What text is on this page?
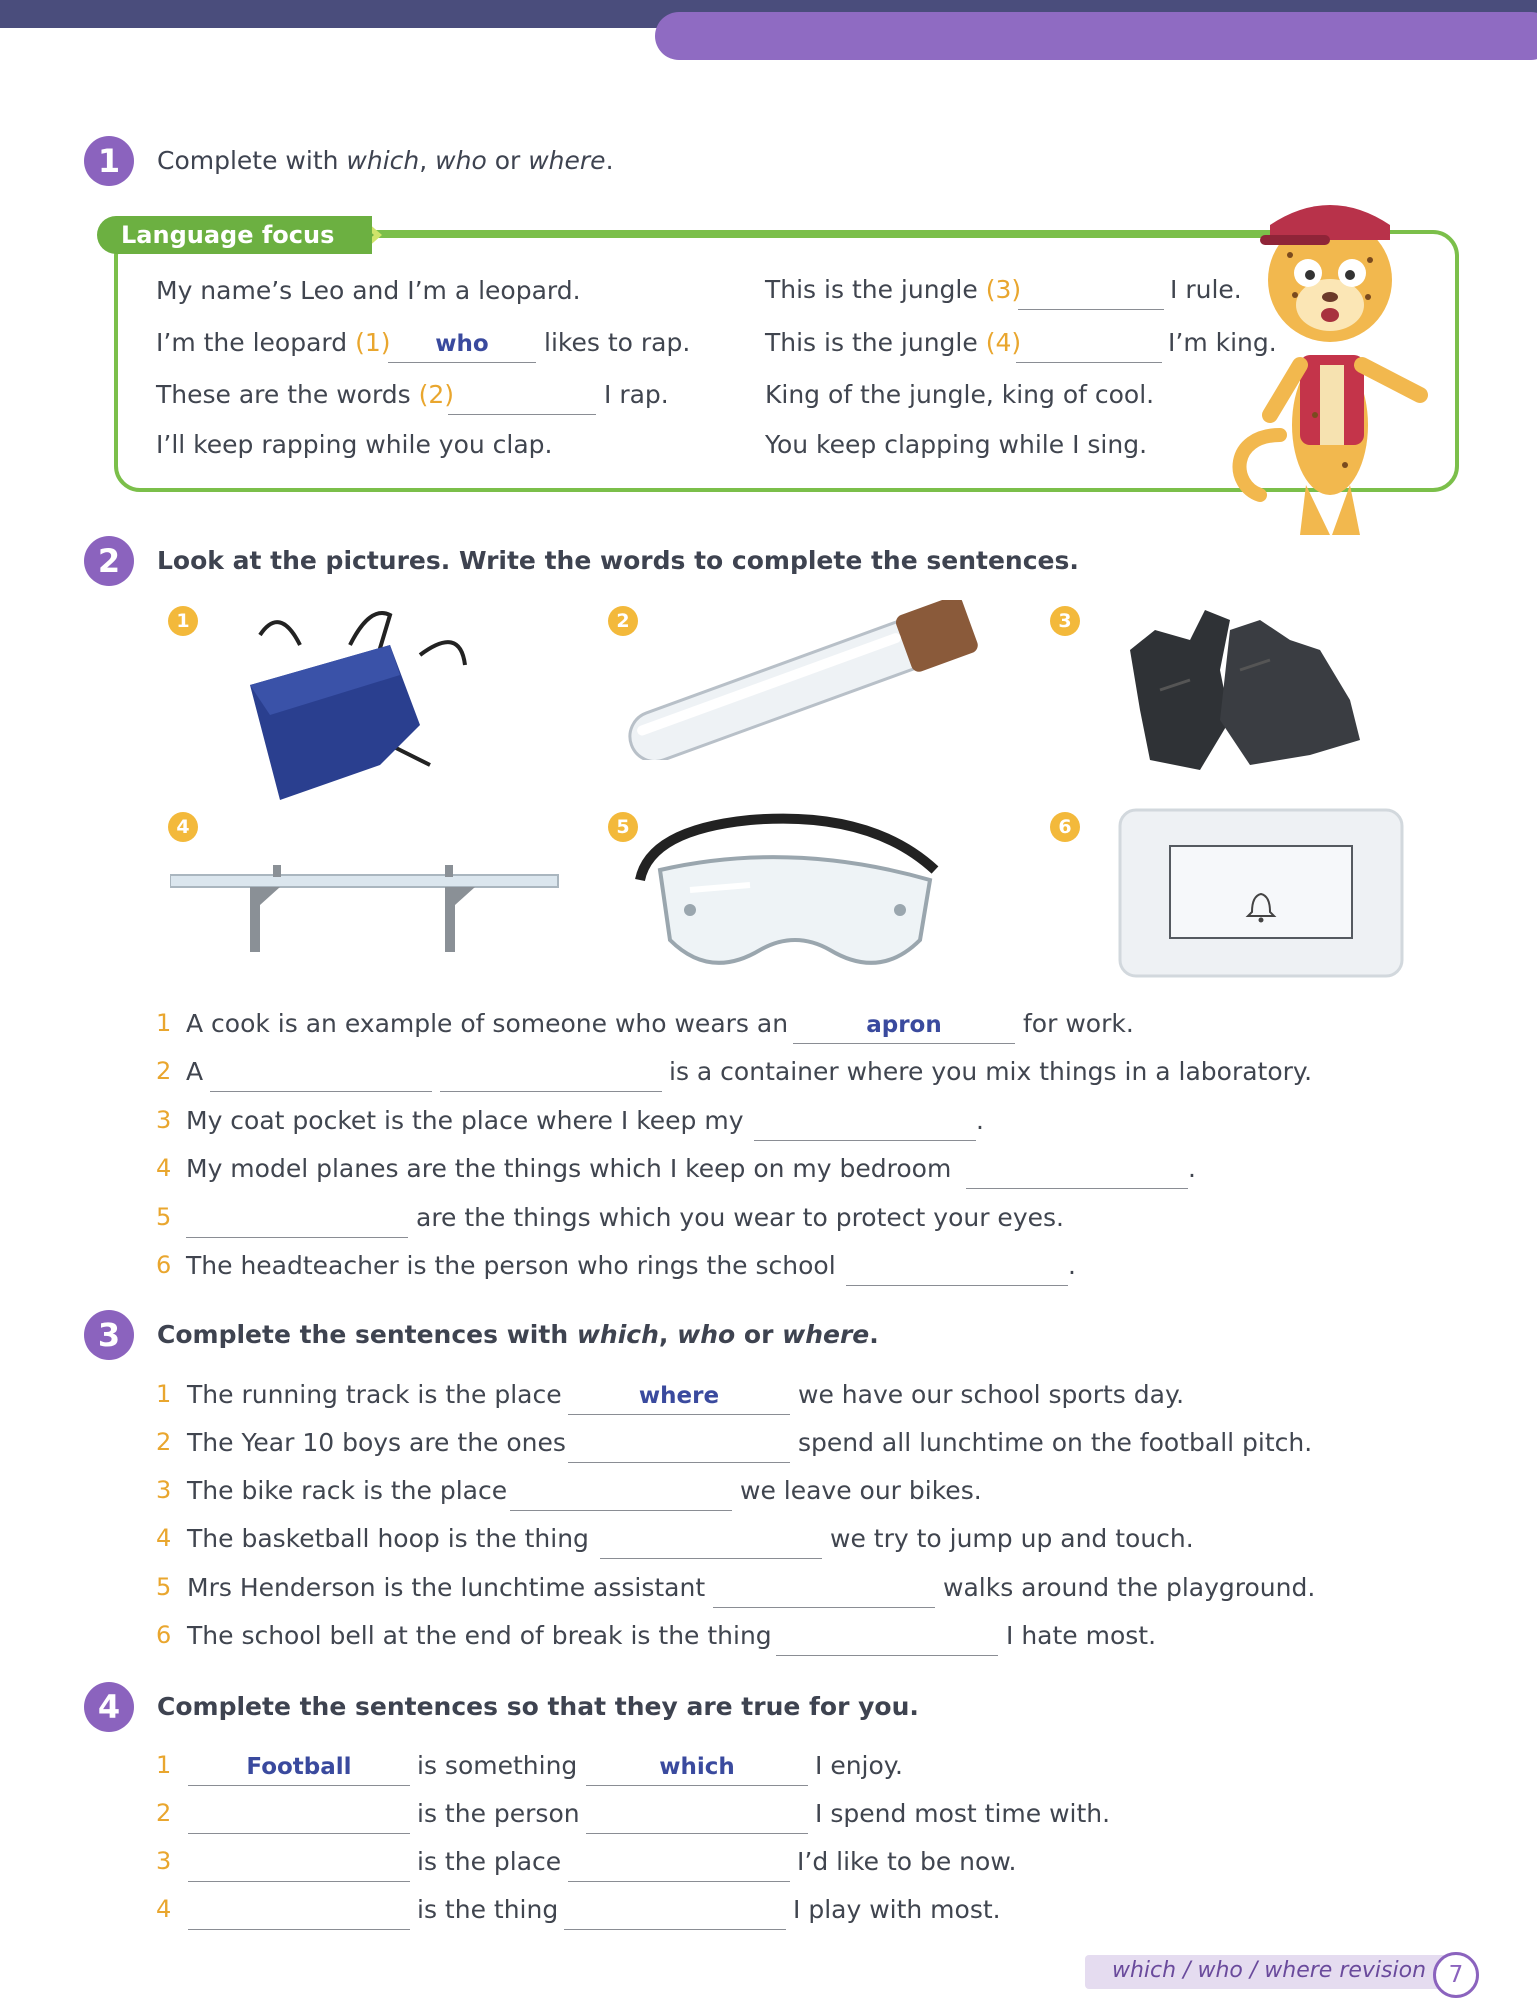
1	Complete with which, who or where.
Language focus
My name’s Leo and I’m a leopard.
I’m the leopard (1)	who	likes to rap.
These are the words (2)	I rap.
I’ll keep rapping while you clap.
This is the jungle (3)	I rule.
This is the jungle (4)	I’m king.
King of the jungle, king of cool.
You keep clapping while I sing.
2	Look at the pictures. Write the words to complete the sentences.
1	2	3
4	5	6
1 A cook is an example of someone who wears an	apron	for work.
2 A	is a container where you mix things in a laboratory.
3 My coat pocket is the place where I keep my	.
4 My model planes are the things which I keep on my bedroom	.
5	are the things which you wear to protect your eyes.
6 The headteacher is the person who rings the school	.
3	Complete the sentences with which, who or where.
1 The running track is the place	where	we have our school sports day.
2 The Year 10 boys are the ones	spend all lunchtime on the football pitch.
3 The bike rack is the place	we leave our bikes.
4 The basketball hoop is the thing	we try to jump up and touch.
5 Mrs Henderson is the lunchtime assistant	walks around the playground.
6 The school bell at the end of break is the thing	I hate most.
4	Complete the sentences so that they are true for you.
1	Football	is something	which	I enjoy.
2	is the person	I spend most time with.
3	is the place	I’d like to be now.
4	is the thing	I play with most.
which / who / where revision 7
